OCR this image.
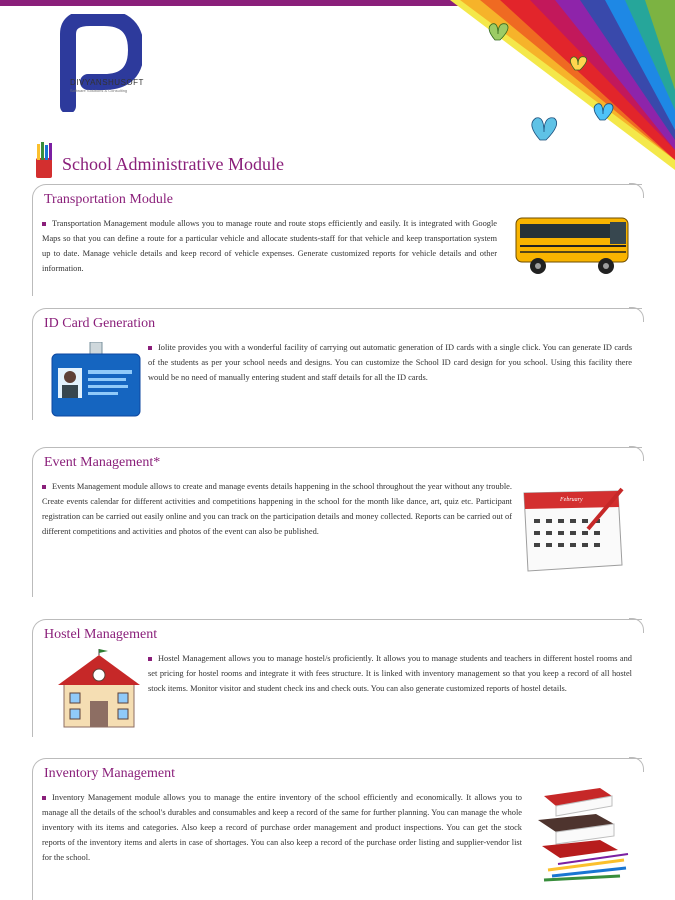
DIVYANSHUSOFT
Software Solutions & Consulting
School Administrative Module
Transportation Module
Transportation Management module allows you to manage route and route stops efficiently and easily. It is integrated with Google Maps so that you can define a route for a particular vehicle and allocate students-staff for that vehicle and keep transportation system up to date. Manage vehicle details and keep record of vehicle expenses. Generate customized reports for vehicle details and other information.
ID Card Generation
Iolite provides you with a wonderful facility of carrying out automatic generation of ID cards with a single click. You can generate ID cards of the students as per your school needs and designs. You can customize the School ID card design for you school. Using this facility there would be no need of manually entering student and staff details for all the ID cards.
Event Management*
Events Management module allows to create and manage events details happening in the school throughout the year without any trouble. Create events calendar for different activities and competitions happening in the school for the month like dance, art, quiz etc. Participant registration can be carried out easily online and you can track on the participation details and money collected. Reports can be carried out of different competitions and activities and photos of the event can also be published.
February
Hostel Management
Hostel Management allows you to manage hostel/s proficiently. It allows you to manage students and teachers in different hostel rooms and set pricing for hostel rooms and integrate it with fees structure. It is linked with inventory management so that you keep a record of all hostel stock items. Monitor visitor and student check ins and check outs. You can also generate customized reports of hostel details.
Inventory Management
Inventory Management module allows you to manage the entire inventory of the school efficiently and economically. It allows you to manage all the details of the school's durables and consumables and keep a record of the same for further planning. You can manage the whole inventory with its items and categories. Also keep a record of purchase order management and product inspections. You can get the stock reports of the inventory items and alerts in case of shortages. You can also keep a record of the purchase order listing and supplier-vendor list for the school.
